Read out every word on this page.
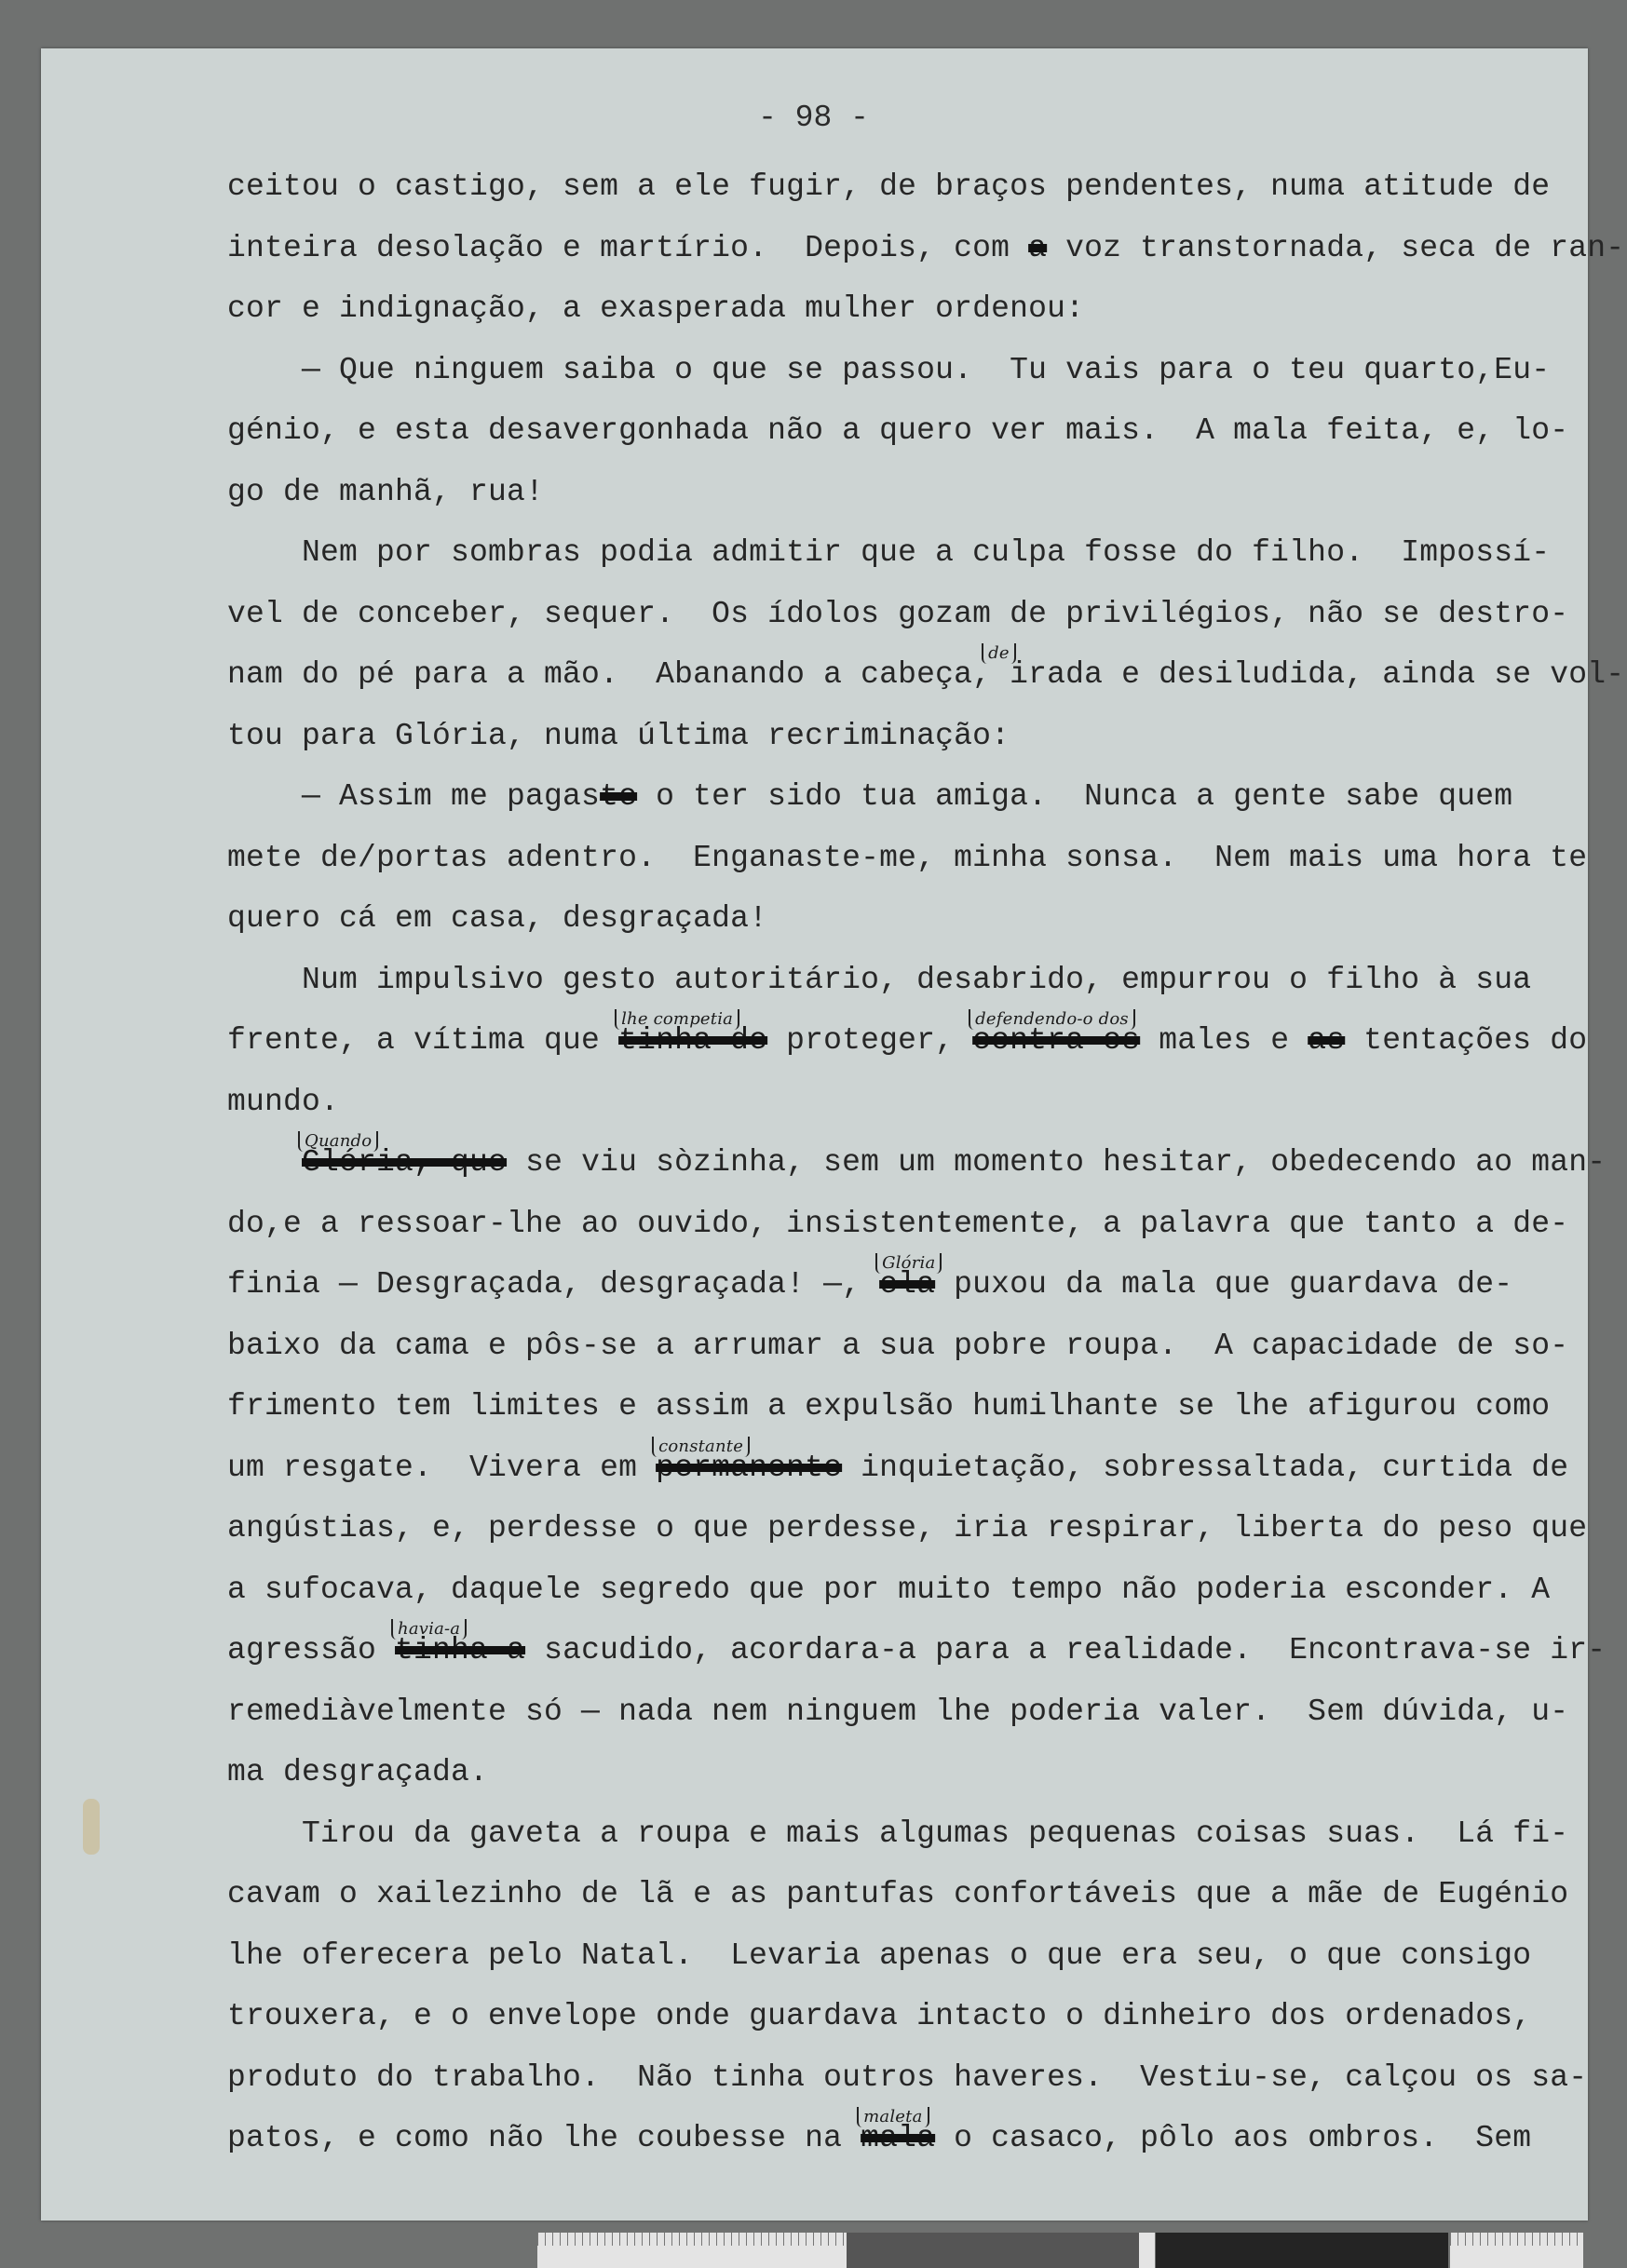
- 98 -
ceitou o castigo, sem a ele fugir, de braços pendentes, numa atitude de
inteira desolação e martírio.  Depois, com a voz transtornada, seca de ran-
cor e indignação, a exasperada mulher ordenou:
— Que ninguem saiba o que se passou.  Tu vais para o teu quarto,Eu-
génio, e esta desavergonhada não a quero ver mais.  A mala feita, e, lo-
go de manhã, rua!
Nem por sombras podia admitir que a culpa fosse do filho.  Impossí-
vel de conceber, sequer.  Os ídolos gozam de privilégios, não se destro-
nam do pé para a mão.  Abanando a cabeça,
de
irada e desiludida, ainda se vol-
tou para Glória, numa última recriminação:
— Assim me pagaste o ter sido tua amiga.  Nunca a gente sabe quem
mete de/portas adentro.  Enganaste-me, minha sonsa.  Nem mais uma hora te
quero cá em casa, desgraçada!
Num impulsivo gesto autoritário, desabrido, empurrou o filho à sua
frente, a vítima que tinha de
lhe competia
proteger, contra os
defendendo-o dos
males e as tentações do
mundo.
Glória, que
Quando
se viu sòzinha, sem um momento hesitar, obedecendo ao man-
do,e a ressoar-lhe ao ouvido, insistentemente, a palavra que tanto a de-
finia — Desgraçada, desgraçada! —, ela
Glória
puxou da mala que guardava de-
baixo da cama e pôs-se a arrumar a sua pobre roupa.  A capacidade de so-
frimento tem limites e assim a expulsão humilhante se lhe afigurou como
um resgate.  Vivera em permanente
constante
inquietação, sobressaltada, curtida de
angústias, e, perdesse o que perdesse, iria respirar, liberta do peso que
a sufocava, daquele segredo que por muito tempo não poderia esconder. A
agressão tinha-a
havia-a
sacudido, acordara-a para a realidade.  Encontrava-se ir-
remediàvelmente só — nada nem ninguem lhe poderia valer.  Sem dúvida, u-
ma desgraçada.
Tirou da gaveta a roupa e mais algumas pequenas coisas suas.  Lá fi-
cavam o xailezinho de lã e as pantufas confortáveis que a mãe de Eugénio
lhe oferecera pelo Natal.  Levaria apenas o que era seu, o que consigo
trouxera, e o envelope onde guardava intacto o dinheiro dos ordenados,
produto do trabalho.  Não tinha outros haveres.  Vestiu-se, calçou os sa-
patos, e como não lhe coubesse na mala
maleta
o casaco, pôlo aos ombros.  Sem
